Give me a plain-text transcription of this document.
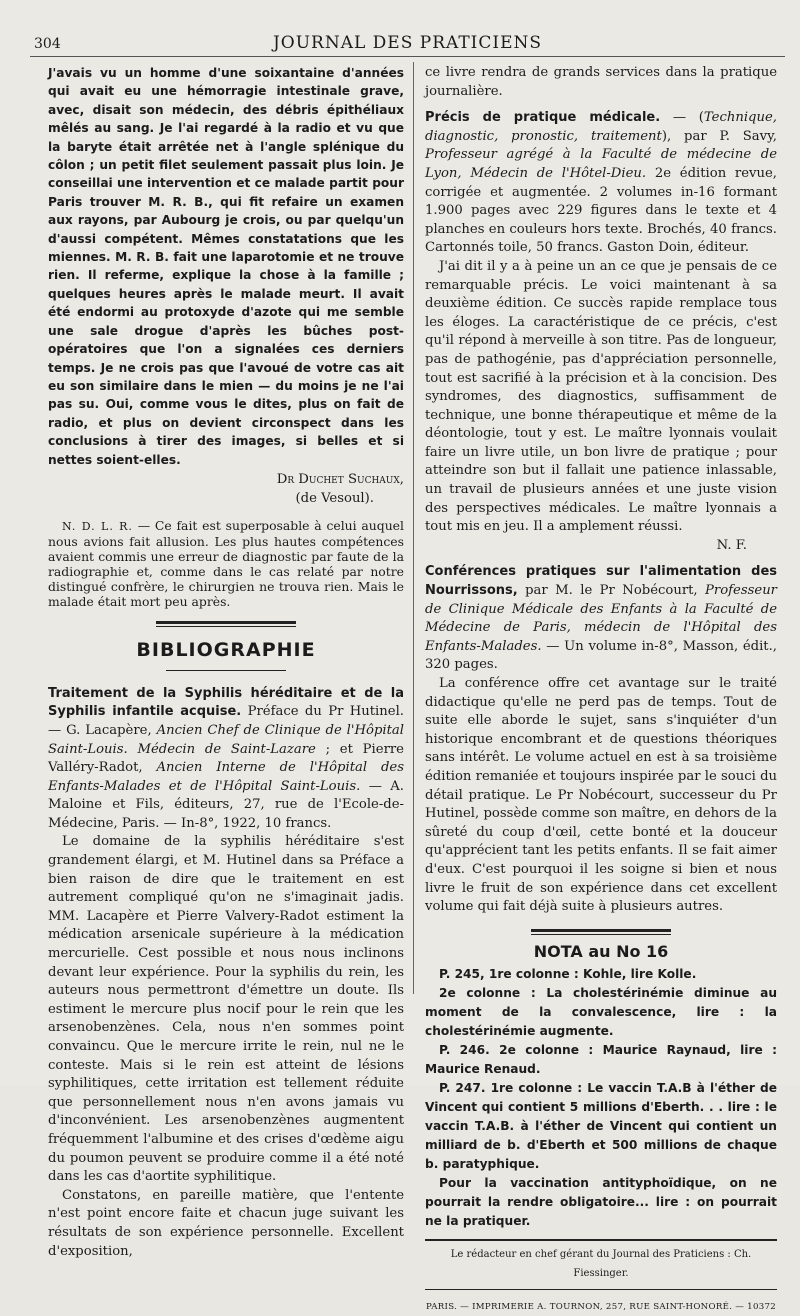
304	JOURNAL DES PRATICIENS

J'avais vu un homme d'une soixantaine d'années qui avait eu une hémorragie intestinale grave, avec, disait son médecin, des débris épithéliaux mêlés au sang. Je l'ai regardé à la radio et vu que la baryte était arrêtée net à l'angle splénique du côlon ; un petit filet seulement passait plus loin. Je conseillai une intervention et ce malade partit pour Paris trouver M. R. B., qui fit refaire un examen aux rayons, par Aubourg je crois, ou par quelqu'un d'aussi compétent. Mêmes constatations que les miennes. M. R. B. fait une laparotomie et ne trouve rien. Il referme, explique la chose à la famille ; quelques heures après le malade meurt. Il avait été endormi au protoxyde d'azote qui me semble une sale drogue d'après les bûches post-opératoires que l'on a signalées ces derniers temps. Je ne crois pas que l'avoué de votre cas ait eu son similaire dans le mien — du moins je ne l'ai pas su. Oui, comme vous le dites, plus on fait de radio, et plus on devient circonspect dans les conclusions à tirer des images, si belles et si nettes soient-elles.

Dr Duchet Suchaux,
(de Vesoul).

N. D. L. R. — Ce fait est superposable à celui auquel nous avions fait allusion. Les plus hautes compétences avaient commis une erreur de diagnostic par faute de la radiographie et, comme dans le cas relaté par notre distingué confrère, le chirurgien ne trouva rien. Mais le malade était mort peu après.

BIBLIOGRAPHIE

Traitement de la Syphilis héréditaire et de la Syphilis infantile acquise. Préface du Pr Hutinel. — G. Lacapère, Ancien Chef de Clinique de l'Hôpital Saint-Louis. Médecin de Saint-Lazare ; et Pierre Valléry-Radot, Ancien Interne de l'Hôpital des Enfants-Malades et de l'Hôpital Saint-Louis. — A. Maloine et Fils, éditeurs, 27, rue de l'Ecole-de-Médecine, Paris. — In-8°, 1922, 10 francs.

Le domaine de la syphilis héréditaire s'est grandement élargi, et M. Hutinel dans sa Préface a bien raison de dire que le traitement en est autrement compliqué qu'on ne s'imaginait jadis. MM. Lacapère et Pierre Valvery-Radot estiment la médication arsenicale supérieure à la médication mercurielle. Cest possible et nous nous inclinons devant leur expérience. Pour la syphilis du rein, les auteurs nous permettront d'émettre un doute. Ils estiment le mercure plus nocif pour le rein que les arsenobenzènes. Cela, nous n'en sommes point convaincu. Que le mercure irrite le rein, nul ne le conteste. Mais si le rein est atteint de lésions syphilitiques, cette irritation est tellement réduite que personnellement nous n'en avons jamais vu d'inconvénient. Les arsenobenzènes augmentent fréquemment l'albumine et des crises d'œdème aigu du poumon peuvent se produire comme il a été noté dans les cas d'aortite syphilitique.

Constatons, en pareille matière, que l'entente n'est point encore faite et chacun juge suivant les résultats de son expérience personnelle. Excellent d'exposition,

ce livre rendra de grands services dans la pratique journalière.

Précis de pratique médicale. — (Technique, diagnostic, pronostic, traitement), par P. Savy, Professeur agrégé à la Faculté de médecine de Lyon, Médecin de l'Hôtel-Dieu. 2e édition revue, corrigée et augmentée. 2 volumes in-16 formant 1.900 pages avec 229 figures dans le texte et 4 planches en couleurs hors texte. Brochés, 40 francs. Cartonnés toile, 50 francs. Gaston Doin, éditeur.

J'ai dit il y a à peine un an ce que je pensais de ce remarquable précis. Le voici maintenant à sa deuxième édition. Ce succès rapide remplace tous les éloges. La caractéristique de ce précis, c'est qu'il répond à merveille à son titre. Pas de longueur, pas de pathogénie, pas d'appréciation personnelle, tout est sacrifié à la précision et à la concision. Des syndromes, des diagnostics, suffisamment de technique, une bonne thérapeutique et même de la déontologie, tout y est. Le maître lyonnais voulait faire un livre utile, un bon livre de pratique ; pour atteindre son but il fallait une patience inlassable, un travail de plusieurs années et une juste vision des perspectives médicales. Le maître lyonnais a tout mis en jeu. Il a amplement réussi.

N. F.

Conférences pratiques sur l'alimentation des Nourrissons, par M. le Pr Nobécourt, Professeur de Clinique Médicale des Enfants à la Faculté de Médecine de Paris, médecin de l'Hôpital des Enfants-Malades. — Un volume in-8°, Masson, édit., 320 pages.

La conférence offre cet avantage sur le traité didactique qu'elle ne perd pas de temps. Tout de suite elle aborde le sujet, sans s'inquiéter d'un historique encombrant et de questions théoriques sans intérêt. Le volume actuel en est à sa troisième édition remaniée et toujours inspirée par le souci du détail pratique. Le Pr Nobécourt, successeur du Pr Hutinel, possède comme son maître, en dehors de la sûreté du coup d'œil, cette bonté et la douceur qu'apprécient tant les petits enfants. Il se fait aimer d'eux. C'est pourquoi il les soigne si bien et nous livre le fruit de son expérience dans cet excellent volume qui fait déjà suite à plusieurs autres.

NOTA au No 16

P. 245, 1re colonne : Kohle, lire Kolle.

2e colonne : La cholestérinémie diminue au moment de la convalescence, lire : la cholestérinémie augmente.

P. 246. 2e colonne : Maurice Raynaud, lire : Maurice Renaud.

P. 247. 1re colonne : Le vaccin T.A.B à l'éther de Vincent qui contient 5 millions d'Eberth. . . lire : le vaccin T.A.B. à l'éther de Vincent qui contient un milliard de b. d'Eberth et 500 millions de chaque b. paratyphique.

Pour la vaccination antityphoïdique, on ne pourrait la rendre obligatoire... lire : on pourrait ne la pratiquer.

Le rédacteur en chef gérant du Journal des Praticiens : Ch. Fiessinger.
PARIS. — IMPRIMERIE A. TOURNON, 257, RUE SAINT-HONORÉ. — 10372
